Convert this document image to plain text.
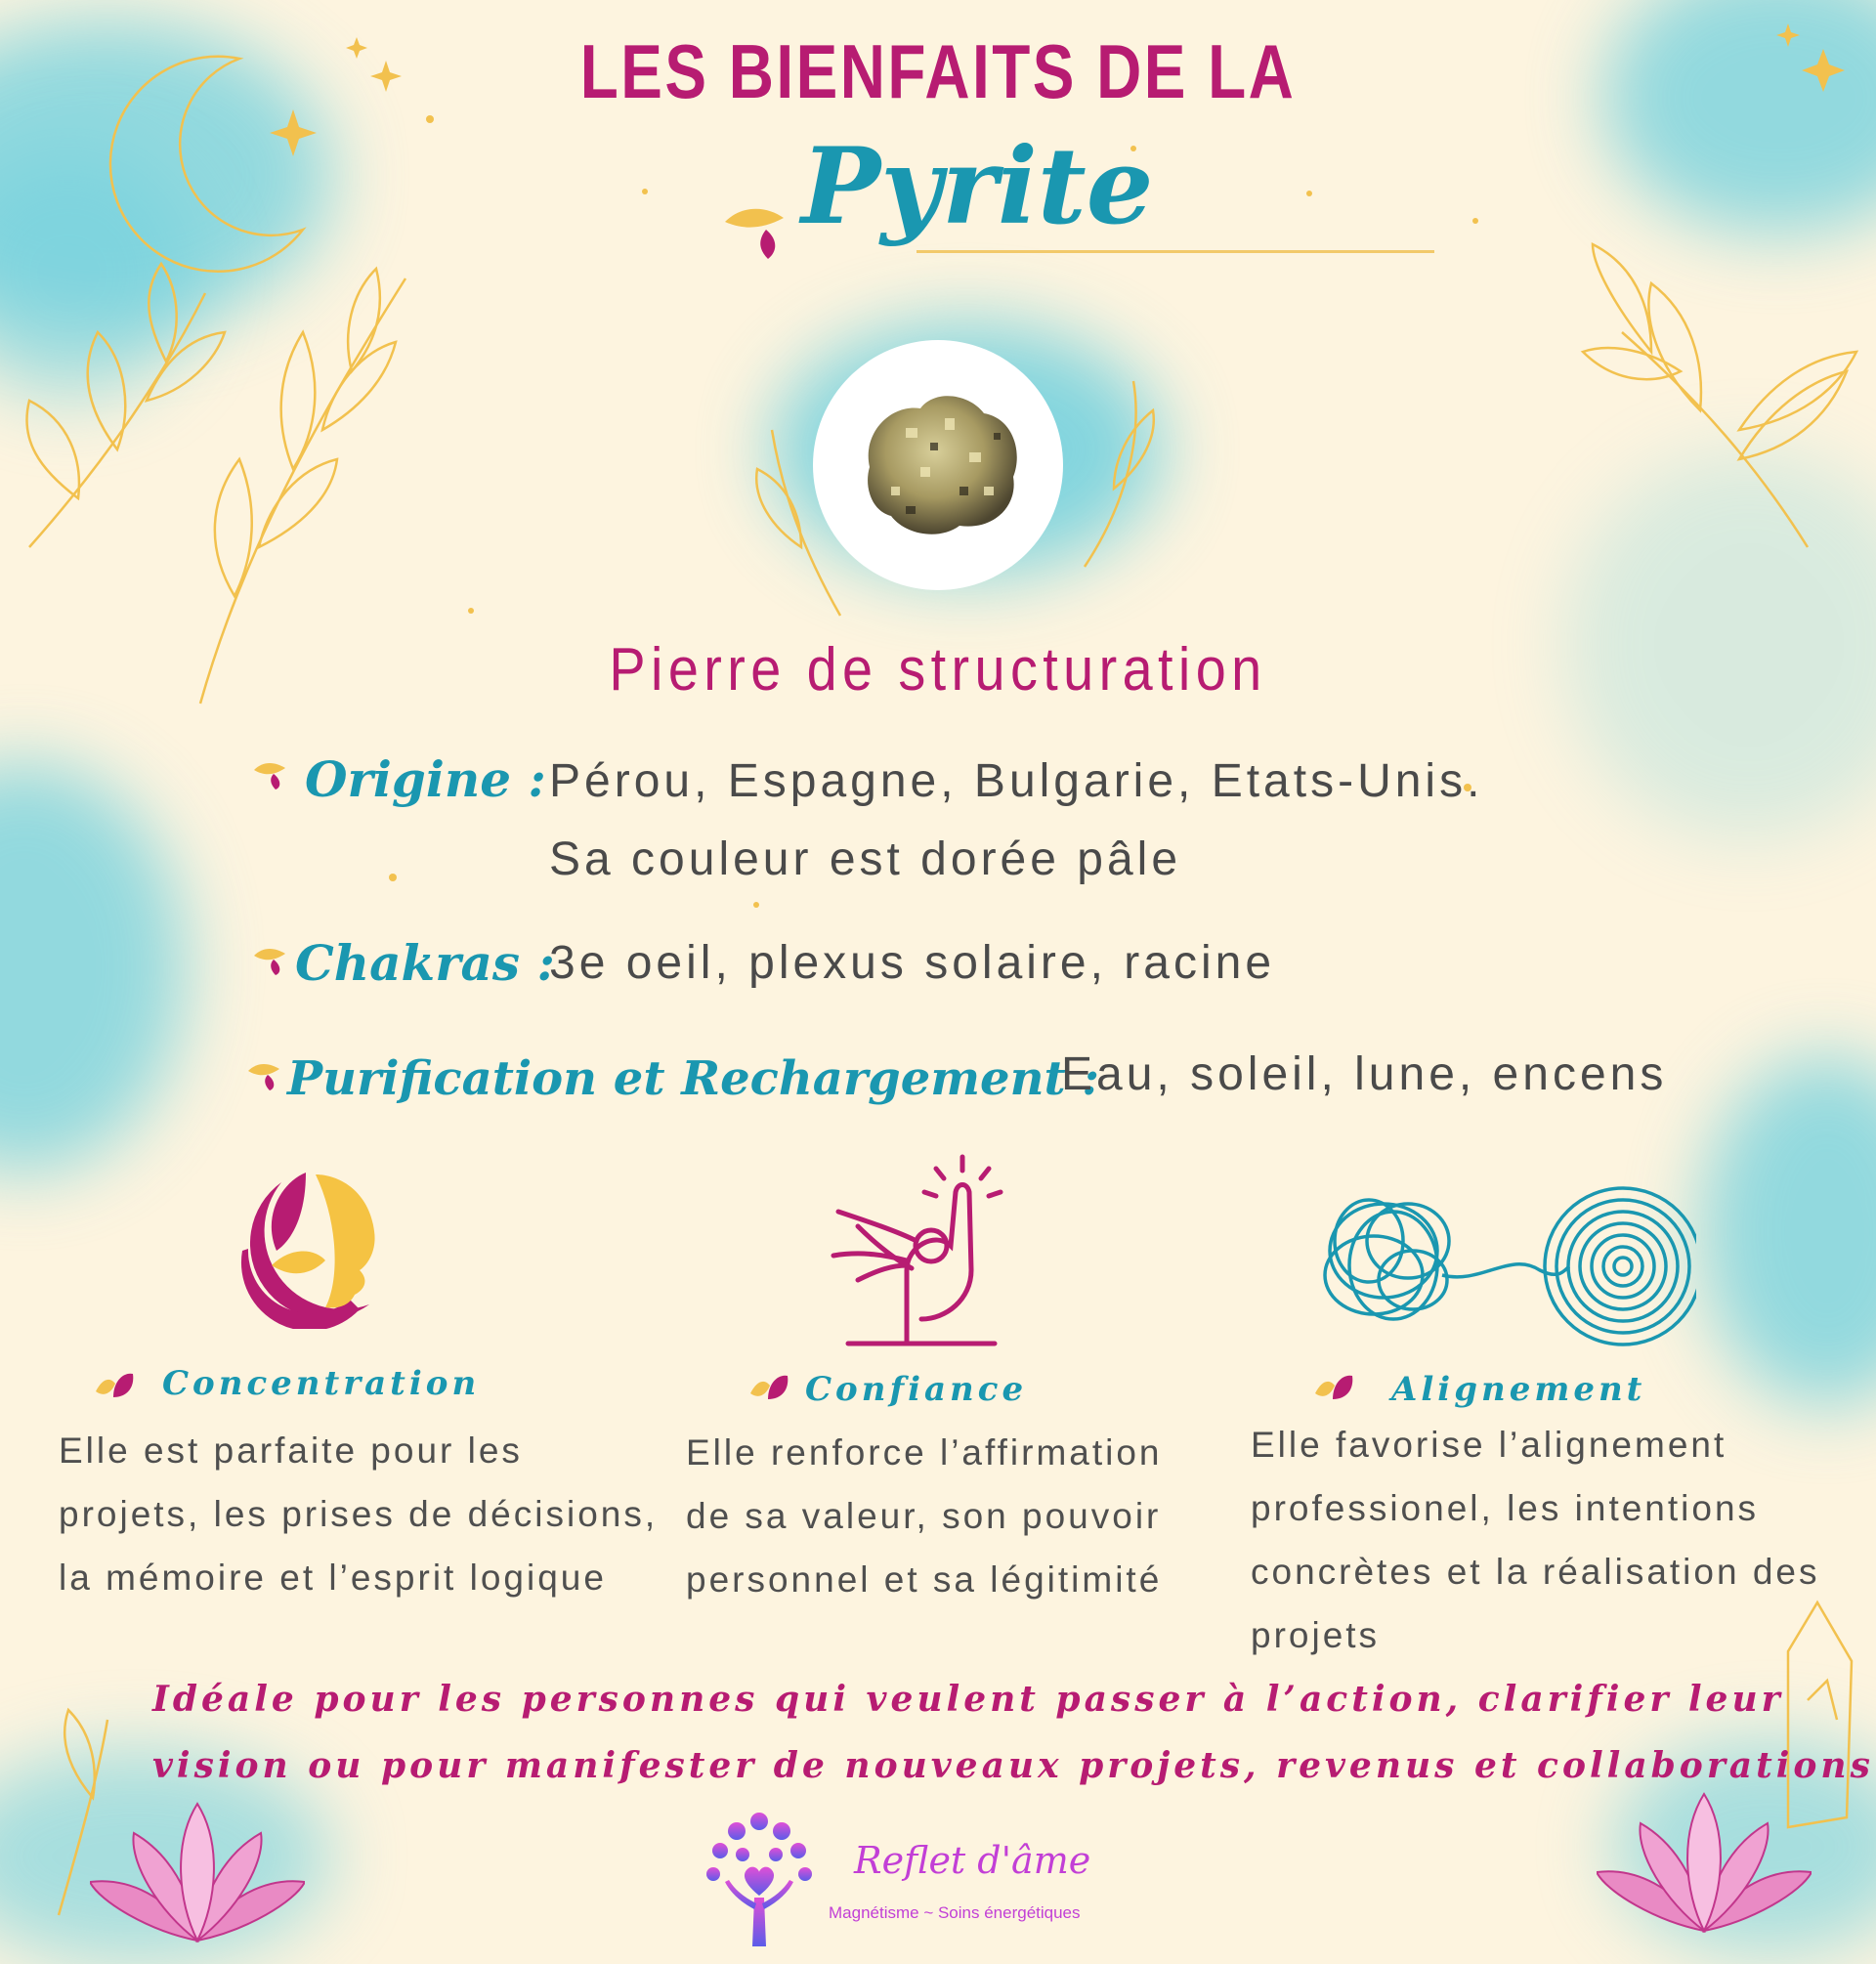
LES BIENFAITS DE LA
Pyrite
Pierre de structuration
Origine : Pérou, Espagne, Bulgarie, Etats-Unis.
Sa couleur est dorée pâle
Chakras :
3e oeil, plexus solaire, racine
Purification et Rechargement :
Eau, soleil, lune, encens
Concentration
Elle est parfaite pour les
projets, les prises de décisions,
la mémoire et l’esprit logique
Confiance
Elle renforce l’affirmation
de sa valeur, son pouvoir
personnel et sa légitimité
Alignement
Elle favorise l’alignement
professionel, les intentions
concrètes et la réalisation des
projets
Idéale pour les personnes qui veulent passer à l’action, clarifier leur
vision ou pour manifester de nouveaux projets, revenus et collaborations
Reflet d'âme
Magnétisme ~ Soins énergétiques
